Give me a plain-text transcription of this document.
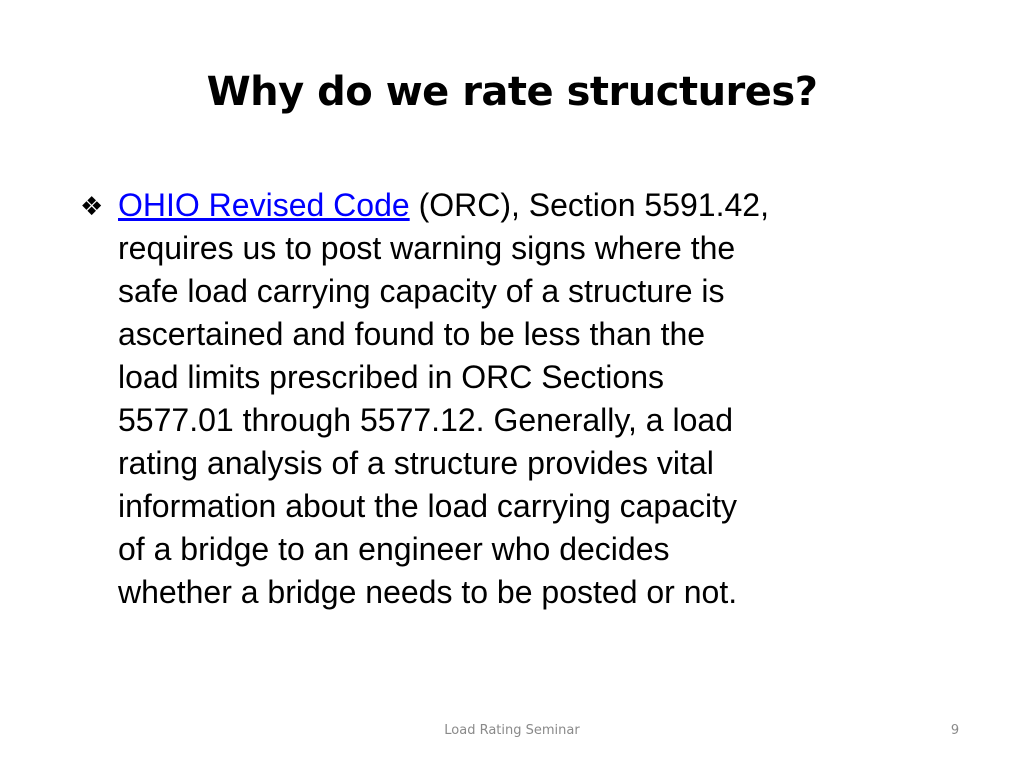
Why do we rate structures?
❖ OHIO Revised Code (ORC), Section 5591.42,
requires us to post warning signs where the
safe load carrying capacity of a structure is
ascertained and found to be less than the
load limits prescribed in ORC Sections
5577.01 through 5577.12. Generally, a load
rating analysis of a structure provides vital
information about the load carrying capacity
of a bridge to an engineer who decides
whether a bridge needs to be posted or not.

Load Rating Seminar	9
